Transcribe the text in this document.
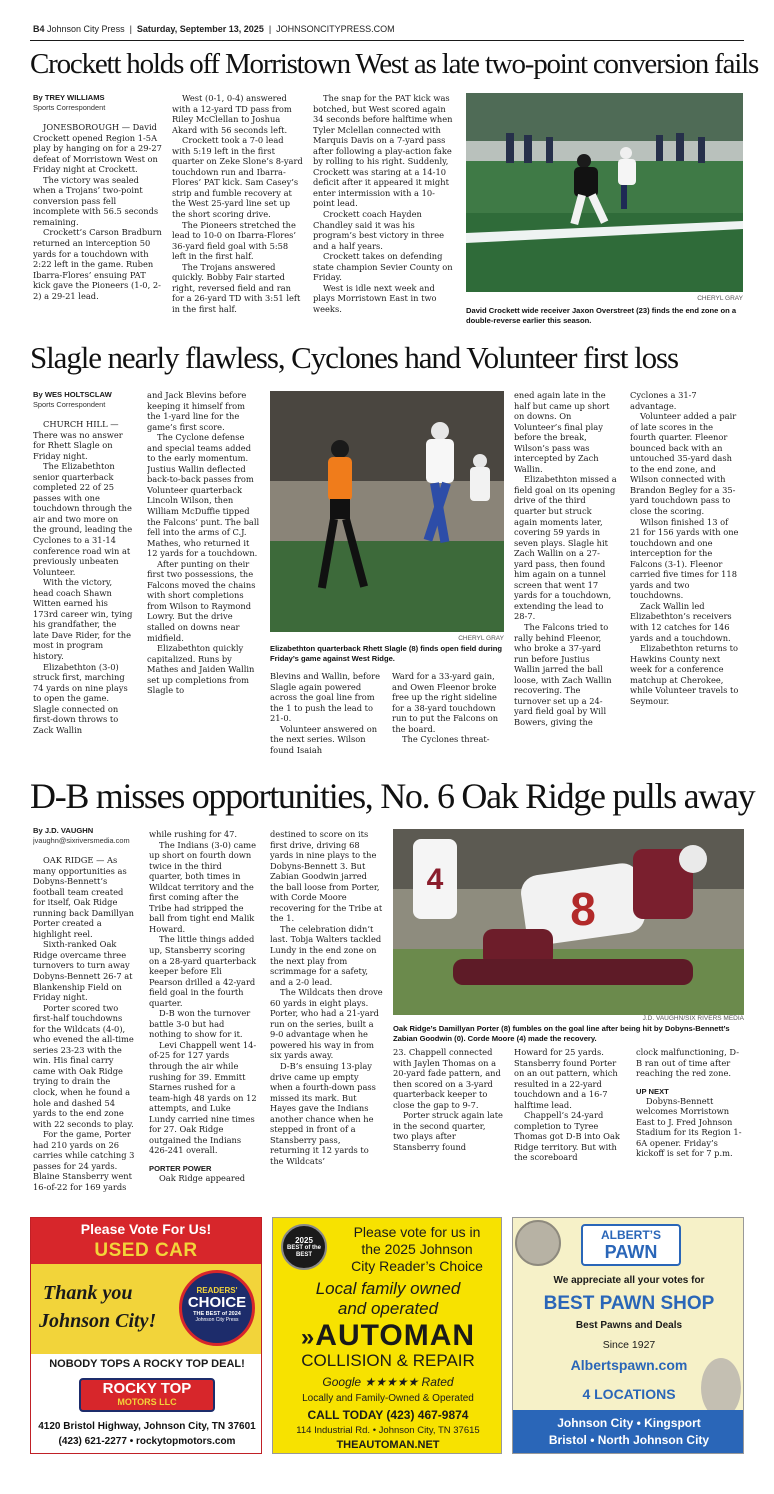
B4 Johnson City Press  |  Saturday, September 13, 2025  |  JOHNSONCITYPRESS.COM
Crockett holds off Morristown West as late two-point conversion fails
By TREY WILLIAMS
Sports Correspondent

JONESBOROUGH — David Crockett opened Region 1-5A play by hanging on for a 29-27 defeat of Morristown West on Friday night at Crockett.

The victory was sealed when a Trojans’ two-point conversion pass fell incomplete with 56.5 seconds remaining.

Crockett’s Carson Bradburn returned an interception 50 yards for a touchdown with 2:22 left in the game. Ruben Ibarra-Flores’ ensuing PAT kick gave the Pioneers (1-0, 2-2) a 29-21 lead.

West (0-1, 0-4) answered with a 12-yard TD pass from Riley McClellan to Joshua Akard with 56 seconds left.

Crockett took a 7-0 lead with 5:19 left in the first quarter on Zeke Slone’s 8-yard touchdown run and Ibarra-Flores’ PAT kick. Sam Casey’s strip and fumble recovery at the West 25-yard line set up the short scoring drive.

The Pioneers stretched the lead to 10-0 on Ibarra-Flores’ 36-yard field goal with 5:58 left in the first half.

The Trojans answered quickly. Bobby Fair started right, reversed field and ran for a 26-yard TD with 3:51 left in the first half.

The snap for the PAT kick was botched, but West scored again 34 seconds before halftime when Tyler Mclellan connected with Marquis Davis on a 7-yard pass after following a play-action fake by rolling to his right. Suddenly, Crockett was staring at a 14-10 deficit after it appeared it might enter intermission with a 10-point lead.

Crockett coach Hayden Chandley said it was his program’s best victory in three and a half years.

Crockett takes on defending state champion Sevier County on Friday.

West is idle next week and plays Morristown East in two weeks.

CHERYL GRAY
David Crockett wide receiver Jaxon Overstreet (23) finds the end zone on a double-reverse earlier this season.
Slagle nearly flawless, Cyclones hand Volunteer first loss
By WES HOLTSCLAW
Sports Correspondent

CHURCH HILL — There was no answer for Rhett Slagle on Friday night.

The Elizabethton senior quarterback completed 22 of 25 passes with one touchdown through the air and two more on the ground, leading the Cyclones to a 31-14 conference road win at previously unbeaten Volunteer.

With the victory, head coach Shawn Witten earned his 173rd career win, tying his grandfather, the late Dave Rider, for the most in program history.

Elizabethton (3-0) struck first, marching 74 yards on nine plays to open the game. Slagle connected on first-down throws to Zack Wallin

and Jack Blevins before keeping it himself from the 1-yard line for the game’s first score.

The Cyclone defense and special teams added to the early momentum. Justius Wallin deflected back-to-back passes from Volunteer quarterback Lincoln Wilson, then William McDuffie tipped the Falcons’ punt. The ball fell into the arms of C.J. Mathes, who returned it 12 yards for a touchdown.

After punting on their first two possessions, the Falcons moved the chains with short completions from Wilson to Raymond Lowry. But the drive stalled on downs near midfield.

Elizabethton quickly capitalized. Runs by Mathes and Jaiden Wallin set up completions from Slagle to

CHERYL GRAY
Elizabethton quarterback Rhett Slagle (8) finds open field during Friday’s game against West Ridge.

Blevins and Wallin, before Slagle again powered across the goal line from the 1 to push the lead to 21-0.

Volunteer answered on the next series. Wilson found Isaiah

Ward for a 33-yard gain, and Owen Fleenor broke free up the right sideline for a 38-yard touchdown run to put the Falcons on the board.

The Cyclones threat-

ened again late in the half but came up short on downs. On Volunteer’s final play before the break, Wilson’s pass was intercepted by Zach Wallin.

Elizabethton missed a field goal on its opening drive of the third quarter but struck again moments later, covering 59 yards in seven plays. Slagle hit Zach Wallin on a 27-yard pass, then found him again on a tunnel screen that went 17 yards for a touchdown, extending the lead to 28-7.

The Falcons tried to rally behind Fleenor, who broke a 37-yard run before Justius Wallin jarred the ball loose, with Zach Wallin recovering. The turnover set up a 24-yard field goal by Will Bowers, giving the

Cyclones a 31-7 advantage.

Volunteer added a pair of late scores in the fourth quarter. Fleenor bounced back with an untouched 35-yard dash to the end zone, and Wilson connected with Brandon Begley for a 35-yard touchdown pass to close the scoring.

Wilson finished 13 of 21 for 156 yards with one touchdown and one interception for the Falcons (3-1). Fleenor carried five times for 118 yards and two touchdowns.

Zack Wallin led Elizabethton’s receivers with 12 catches for 146 yards and a touchdown.

Elizabethton returns to Hawkins County next week for a conference matchup at Cherokee, while Volunteer travels to Seymour.

D-B misses opportunities, No. 6 Oak Ridge pulls away
By J.D. VAUGHN
jvaughn@sixriversmedia.com

OAK RIDGE — As many opportunities as Dobyns-Bennett’s football team created for itself, Oak Ridge running back Damillyan Porter created a highlight reel.

Sixth-ranked Oak Ridge overcame three turnovers to turn away Dobyns-Bennett 26-7 at Blankenship Field on Friday night.

Porter scored two first-half touchdowns for the Wildcats (4-0), who evened the all-time series 23-23 with the win. His final carry came with Oak Ridge trying to drain the clock, when he found a hole and dashed 54 yards to the end zone with 22 seconds to play.

For the game, Porter had 210 yards on 26 carries while catching 3 passes for 24 yards. Blaine Stansberry went 16-of-22 for 169 yards

while rushing for 47.

The Indians (3-0) came up short on fourth down twice in the third quarter, both times in Wildcat territory and the first coming after the Tribe had stripped the ball from tight end Malik Howard.

The little things added up, Stansberry scoring on a 28-yard quarterback keeper before Eli Pearson drilled a 42-yard field goal in the fourth quarter.

D-B won the turnover battle 3-0 but had nothing to show for it.

Levi Chappell went 14-of-25 for 127 yards through the air while rushing for 39. Emmitt Starnes rushed for a team-high 48 yards on 12 attempts, and Luke Lundy carried nine times for 27. Oak Ridge outgained the Indians 426-241 overall.

PORTER POWER

Oak Ridge appeared

destined to score on its first drive, driving 68 yards in nine plays to the Dobyns-Bennett 3. But Zabian Goodwin jarred the ball loose from Porter, with Corde Moore recovering for the Tribe at the 1.

The celebration didn’t last. Tobja Walters tackled Lundy in the end zone on the next play from scrimmage for a safety, and a 2-0 lead.

The Wildcats then drove 60 yards in eight plays. Porter, who had a 21-yard run on the series, built a 9-0 advantage when he powered his way in from six yards away.

D-B’s ensuing 13-play drive came up empty when a fourth-down pass missed its mark. But Hayes gave the Indians another chance when he stepped in front of a Stansberry pass, returning it 12 yards to the Wildcats’

4
8
J.D. VAUGHN/SIX RIVERS MEDIA
Oak Ridge’s Damillyan Porter (8) fumbles on the goal line after being hit by Dobyns-Bennett’s Zabian Goodwin (0). Corde Moore (4) made the recovery.

23. Chappell connected with Jaylen Thomas on a 20-yard fade pattern, and then scored on a 3-yard quarterback keeper to close the gap to 9-7.

Porter struck again late in the second quarter, two plays after Stansberry found

Howard for 25 yards. Stansberry found Porter on an out pattern, which resulted in a 22-yard touchdown and a 16-7 halftime lead.

Chappell’s 24-yard completion to Tyree Thomas got D-B into Oak Ridge territory. But with the scoreboard

clock malfunctioning, D-B ran out of time after reaching the red zone.

UP NEXT

Dobyns-Bennett welcomes Morristown East to J. Fred Johnson Stadium for its Region 1-6A opener. Friday’s kickoff is set for 7 p.m.

Please Vote For Us!
USED CAR
Thank you
Johnson City!
READERS'
CHOICE
THE BEST of 2024
Johnson City Press
NOBODY TOPS A ROCKY TOP DEAL!
ROCKY TOP
MOTORS LLC
4120 Bristol Highway, Johnson City, TN 37601
(423) 621-2277 • rockytopmotors.com
2025
BEST of the BEST
Please vote for us in
the 2025 Johnson
City Reader’s Choice
Local family owned
and operated
»AUTOMAN
COLLISION & REPAIR
Google ★★★★★ Rated
Locally and Family-Owned & Operated
CALL TODAY (423) 467-9874
114 Industrial Rd. • Johnson City, TN 37615
THEAUTOMAN.NET
ALBERT’S
PAWN
We appreciate all your votes for
BEST PAWN SHOP
Best Pawns and Deals
Since 1927
Albertspawn.com
4 LOCATIONS
Johnson City • Kingsport
Bristol • North Johnson City
